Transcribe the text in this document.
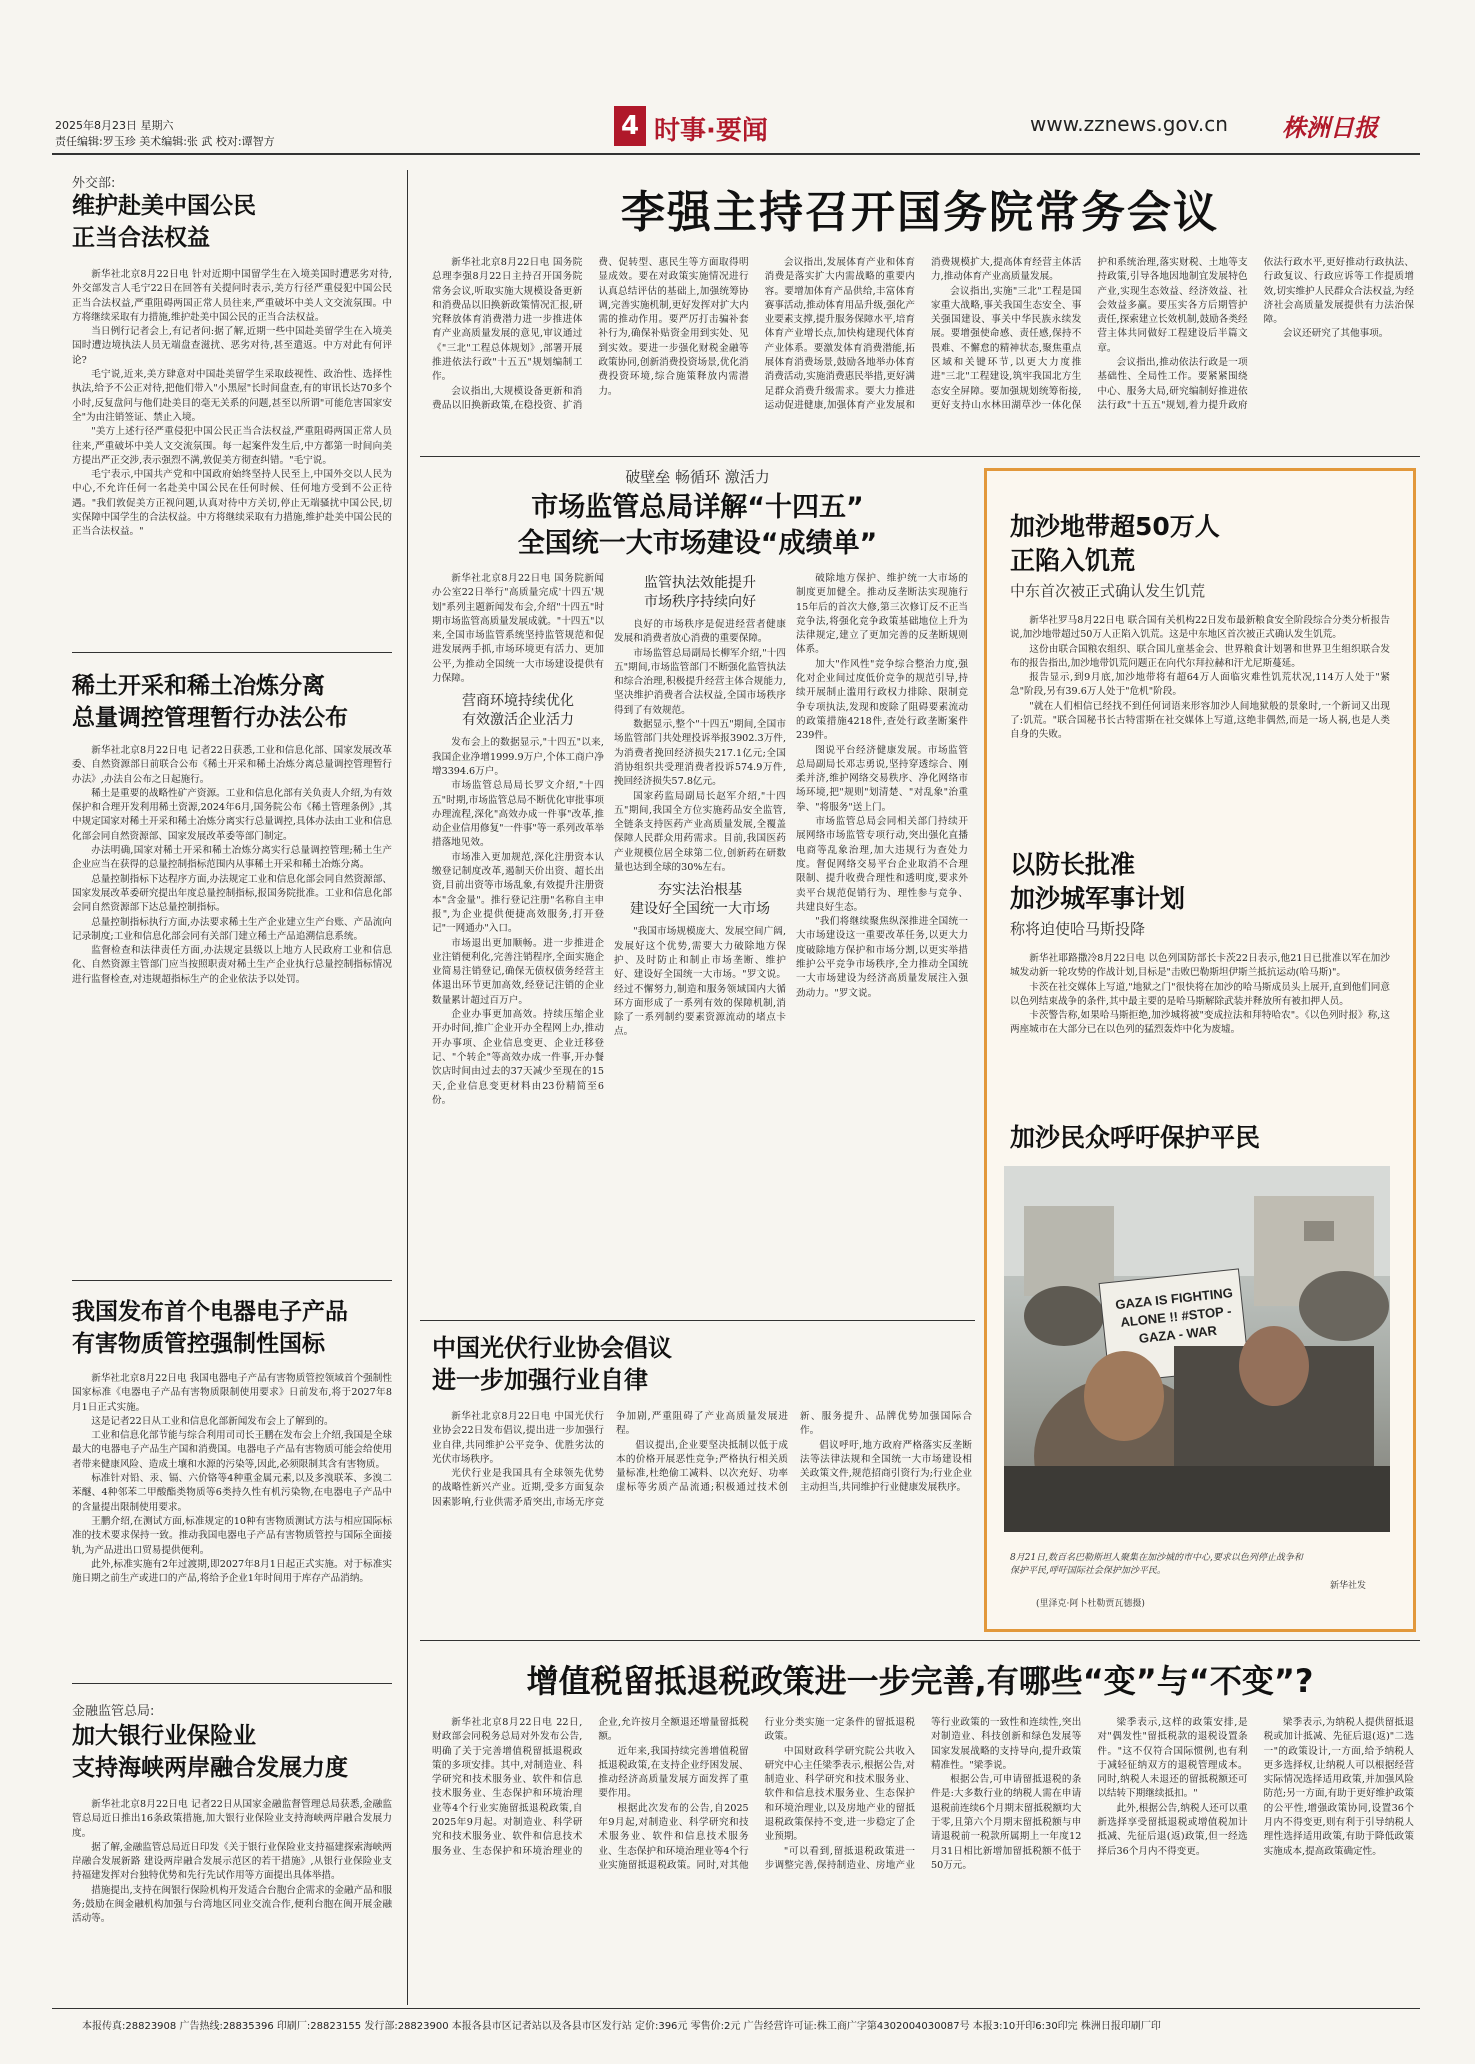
2025年8月23日 星期六
责任编辑:罗玉珍 美术编辑:张 武 校对:谭智方
4 时事·要闻	www.zznews.gov.cn 株洲日报
外交部:
维护赴美中国公民
正当合法权益

新华社北京8月22日电 针对近期中国留学生在入境美国时遭恶劣对待,外交部发言人毛宁22日在回答有关提问时表示,美方行径严重侵犯中国公民正当合法权益,严重阻碍两国正常人员往来,严重破坏中美人文交流氛围。中方将继续采取有力措施,维护赴美中国公民的正当合法权益。

当日例行记者会上,有记者问:据了解,近期一些中国赴美留学生在入境美国时遭边境执法人员无端盘查滋扰、恶劣对待,甚至遣返。中方对此有何评论?

毛宁说,近来,美方肆意对中国赴美留学生采取歧视性、政治性、选择性执法,给予不公正对待,把他们带入"小黑屋"长时间盘查,有的审讯长达70多个小时,反复盘问与他们赴美目的毫无关系的问题,甚至以所谓"可能危害国家安全"为由注销签证、禁止入境。

"美方上述行径严重侵犯中国公民正当合法权益,严重阻碍两国正常人员往来,严重破坏中美人文交流氛围。每一起案件发生后,中方都第一时间向美方提出严正交涉,表示强烈不满,敦促美方彻查纠错。"毛宁说。

毛宁表示,中国共产党和中国政府始终坚持人民至上,中国外交以人民为中心,不允许任何一名赴美中国公民在任何时候、任何地方受到不公正待遇。"我们敦促美方正视问题,认真对待中方关切,停止无端骚扰中国公民,切实保障中国学生的合法权益。中方将继续采取有力措施,维护赴美中国公民的正当合法权益。"

稀土开采和稀土冶炼分离
总量调控管理暂行办法公布

新华社北京8月22日电 记者22日获悉,工业和信息化部、国家发展改革委、自然资源部日前联合公布《稀土开采和稀土冶炼分离总量调控管理暂行办法》,办法自公布之日起施行。

稀土是重要的战略性矿产资源。工业和信息化部有关负责人介绍,为有效保护和合理开发利用稀土资源,2024年6月,国务院公布《稀土管理条例》,其中规定国家对稀土开采和稀土冶炼分离实行总量调控,具体办法由工业和信息化部会同自然资源部、国家发展改革委等部门制定。

办法明确,国家对稀土开采和稀土冶炼分离实行总量调控管理;稀土生产企业应当在获得的总量控制指标范围内从事稀土开采和稀土冶炼分离。

总量控制指标下达程序方面,办法规定工业和信息化部会同自然资源部、国家发展改革委研究提出年度总量控制指标,报国务院批准。工业和信息化部会同自然资源部下达总量控制指标。

总量控制指标执行方面,办法要求稀土生产企业建立生产台账、产品流向记录制度;工业和信息化部会同有关部门建立稀土产品追溯信息系统。

监督检查和法律责任方面,办法规定县级以上地方人民政府工业和信息化、自然资源主管部门应当按照职责对稀土生产企业执行总量控制指标情况进行监督检查,对违规超指标生产的企业依法予以处罚。

我国发布首个电器电子产品
有害物质管控强制性国标

新华社北京8月22日电 我国电器电子产品有害物质管控领域首个强制性国家标准《电器电子产品有害物质限制使用要求》日前发布,将于2027年8月1日正式实施。

这是记者22日从工业和信息化部新闻发布会上了解到的。

工业和信息化部节能与综合利用司司长王鹏在发布会上介绍,我国是全球最大的电器电子产品生产国和消费国。电器电子产品有害物质可能会给使用者带来健康风险、造成土壤和水源的污染等,因此,必须限制其含有害物质。

标准针对铅、汞、镉、六价铬等4种重金属元素,以及多溴联苯、多溴二苯醚、4种邻苯二甲酸酯类物质等6类持久性有机污染物,在电器电子产品中的含量提出限制使用要求。

王鹏介绍,在测试方面,标准规定的10种有害物质测试方法与相应国际标准的技术要求保持一致。推动我国电器电子产品有害物质管控与国际全面接轨,为产品进出口贸易提供便利。

此外,标准实施有2年过渡期,即2027年8月1日起正式实施。对于标准实施日期之前生产或进口的产品,将给予企业1年时间用于库存产品消纳。

金融监管总局:
加大银行业保险业
支持海峡两岸融合发展力度

新华社北京8月22日电 记者22日从国家金融监督管理总局获悉,金融监管总局近日推出16条政策措施,加大银行业保险业支持海峡两岸融合发展力度。

据了解,金融监管总局近日印发《关于银行业保险业支持福建探索海峡两岸融合发展新路 建设两岸融合发展示范区的若干措施》,从银行业保险业支持福建发挥对台独特优势和先行先试作用等方面提出具体举措。

措施提出,支持在闽银行保险机构开发适合台胞台企需求的金融产品和服务;鼓励在闽金融机构加强与台湾地区同业交流合作,便利台胞在闽开展金融活动等。

李强主持召开国务院常务会议

新华社北京8月22日电 国务院总理李强8月22日主持召开国务院常务会议,听取实施大规模设备更新和消费品以旧换新政策情况汇报,研究释放体育消费潜力进一步推进体育产业高质量发展的意见,审议通过《"三北"工程总体规划》,部署开展推进依法行政"十五五"规划编制工作。

会议指出,大规模设备更新和消费品以旧换新政策,在稳投资、扩消费、促转型、惠民生等方面取得明显成效。要在对政策实施情况进行认真总结评估的基础上,加强统筹协调,完善实施机制,更好发挥对扩大内需的推动作用。要严厉打击骗补套补行为,确保补贴资金用到实处、见到实效。要进一步强化财税金融等政策协同,创新消费投资场景,优化消费投资环境,综合施策释放内需潜力。

会议指出,发展体育产业和体育消费是落实扩大内需战略的重要内容。要增加体育产品供给,丰富体育赛事活动,推动体育用品升级,强化产业要素支撑,提升服务保障水平,培育体育产业增长点,加快构建现代体育产业体系。要激发体育消费潜能,拓展体育消费场景,鼓励各地举办体育消费活动,实施消费惠民举措,更好满足群众消费升级需求。要大力推进运动促进健康,加强体育产业发展和消费规模扩大,提高体育经营主体活力,推动体育产业高质量发展。

会议指出,实施"三北"工程是国家重大战略,事关我国生态安全、事关强国建设、事关中华民族永续发展。要增强使命感、责任感,保持不畏难、不懈怠的精神状态,聚焦重点区域和关键环节,以更大力度推进"三北"工程建设,筑牢我国北方生态安全屏障。要加强规划统筹衔接,更好支持山水林田湖草沙一体化保护和系统治理,落实财税、土地等支持政策,引导各地因地制宜发展特色产业,实现生态效益、经济效益、社会效益多赢。要压实各方后期管护责任,探索建立长效机制,鼓励各类经营主体共同做好工程建设后半篇文章。

会议指出,推动依法行政是一项基础性、全局性工作。要紧紧围绕中心、服务大局,研究编制好推进依法行政"十五五"规划,着力提升政府依法行政水平,更好推动行政执法、行政复议、行政应诉等工作提质增效,切实维护人民群众合法权益,为经济社会高质量发展提供有力法治保障。

会议还研究了其他事项。

破壁垒 畅循环 激活力
市场监管总局详解“十四五”
全国统一大市场建设“成绩单”

新华社北京8月22日电 国务院新闻办公室22日举行"高质量完成'十四五'规划"系列主题新闻发布会,介绍"十四五"时期市场监管高质量发展成就。"十四五"以来,全国市场监管系统坚持监管规范和促进发展两手抓,市场环境更有活力、更加公平,为推动全国统一大市场建设提供有力保障。

营商环境持续优化
有效激活企业活力

发布会上的数据显示,"十四五"以来,我国企业净增1999.9万户,个体工商户净增3394.6万户。

市场监管总局局长罗文介绍,"十四五"时期,市场监管总局不断优化审批事项办理流程,深化"高效办成一件事"改革,推动企业信用修复"一件事"等一系列改革举措落地见效。

市场准入更加规范,深化注册资本认缴登记制度改革,遏制天价出资、超长出资,目前出资等市场乱象,有效提升注册资本"含金量"。推行登记注册"名称自主申报",为企业提供便捷高效服务,打开登记"一网通办"入口。

市场退出更加顺畅。进一步推进企业注销便利化,完善注销程序,全面实施企业简易注销登记,确保无债权债务经营主体退出环节更加高效,经登记注销的企业数量累计超过百万户。

企业办事更加高效。持续压缩企业开办时间,推广企业开办全程网上办,推动开办事项、企业信息变更、企业迁移登记、"个转企"等高效办成一件事,开办餐饮店时间由过去的37天减少至现在的15天,企业信息变更材料由23份精简至6份。

监管执法效能提升
市场秩序持续向好

良好的市场秩序是促进经营者健康发展和消费者放心消费的重要保障。

市场监管总局副局长柳军介绍,"十四五"期间,市场监管部门不断强化监管执法和综合治理,积极提升经营主体合规能力,坚决维护消费者合法权益,全国市场秩序得到了有效规范。

数据显示,整个"十四五"期间,全国市场监管部门共处理投诉举报3902.3万件,为消费者挽回经济损失217.1亿元;全国消协组织共受理消费者投诉574.9万件,挽回经济损失57.8亿元。

国家药监局副局长赵军介绍,"十四五"期间,我国全方位实施药品安全监管,全链条支持医药产业高质量发展,全覆盖保障人民群众用药需求。目前,我国医药产业规模位居全球第二位,创新药在研数量也达到全球的30%左右。

夯实法治根基
建设好全国统一大市场

"我国市场规模庞大、发展空间广阔,发展好这个优势,需要大力破除地方保护、及时防止和制止市场垄断、维护好、建设好全国统一大市场。"罗文说。经过不懈努力,制造和服务领域国内大循环方面形成了一系列有效的保障机制,消除了一系列制约要素资源流动的堵点卡点。

破除地方保护、维护统一大市场的制度更加健全。推动反垄断法实现施行15年后的首次大修,第三次修订反不正当竞争法,将强化竞争政策基础地位上升为法律规定,建立了更加完善的反垄断规则体系。

加大"作风性"竞争综合整治力度,强化对企业间过度低价竞争的规范引导,持续开展制止滥用行政权力排除、限制竞争专项执法,发现和废除了阻碍要素流动的政策措施4218件,查处行政垄断案件239件。

图说平台经济健康发展。市场监管总局副局长邓志勇说,坚持穿透综合、刚柔并济,维护网络交易秩序、净化网络市场环境,把"规则"划清楚、"对乱象"治重拳、"将服务"送上门。

市场监管总局会同相关部门持续开展网络市场监管专项行动,突出强化直播电商等乱象治理,加大违规行为查处力度。督促网络交易平台企业取消不合理限制、提升收费合理性和透明度,要求外卖平台规范促销行为、理性参与竞争、共建良好生态。

"我们将继续聚焦纵深推进全国统一大市场建设这一重要改革任务,以更大力度破除地方保护和市场分割,以更实举措维护公平竞争市场秩序,全力推动全国统一大市场建设为经济高质量发展注入强劲动力。"罗文说。

中国光伏行业协会倡议
进一步加强行业自律

新华社北京8月22日电 中国光伏行业协会22日发布倡议,提出进一步加强行业自律,共同维护公平竞争、优胜劣汰的光伏市场秩序。

光伏行业是我国具有全球领先优势的战略性新兴产业。近期,受多方面复杂因素影响,行业供需矛盾突出,市场无序竞争加剧,严重阻碍了产业高质量发展进程。

倡议提出,企业要坚决抵制以低于成本的价格开展恶性竞争;严格执行相关质量标准,杜绝偷工减料、以次充好、功率虚标等劣质产品流通;积极通过技术创新、服务提升、品牌优势加强国际合作。

倡议呼吁,地方政府严格落实反垄断法等法律法规和全国统一大市场建设相关政策文件,规范招商引资行为;行业企业主动担当,共同维护行业健康发展秩序。

加沙地带超50万人
正陷入饥荒
中东首次被正式确认发生饥荒

新华社罗马8月22日电 联合国有关机构22日发布最新粮食安全阶段综合分类分析报告说,加沙地带超过50万人正陷入饥荒。这是中东地区首次被正式确认发生饥荒。

这份由联合国粮农组织、联合国儿童基金会、世界粮食计划署和世界卫生组织联合发布的报告指出,加沙地带饥荒问题正在向代尔拜拉赫和汗尤尼斯蔓延。

报告显示,到9月底,加沙地带将有超64万人面临灾难性饥荒状况,114万人处于"紧急"阶段,另有39.6万人处于"危机"阶段。

"就在人们相信已经找不到任何词语来形容加沙人间地狱般的景象时,一个新词又出现了:饥荒。"联合国秘书长古特雷斯在社交媒体上写道,这绝非偶然,而是一场人祸,也是人类自身的失败。

以防长批准
加沙城军事计划
称将迫使哈马斯投降

新华社耶路撒冷8月22日电 以色列国防部长卡茨22日表示,他21日已批准以军在加沙城发动新一轮攻势的作战计划,目标是"击败巴勒斯坦伊斯兰抵抗运动(哈马斯)"。

卡茨在社交媒体上写道,"地狱之门"很快将在加沙的哈马斯成员头上展开,直到他们同意以色列结束战争的条件,其中最主要的是哈马斯解除武装并释放所有被扣押人员。

卡茨警告称,如果哈马斯拒绝,加沙城将被"变成拉法和拜特哈农"。《以色列时报》称,这两座城市在大部分已在以色列的猛烈轰炸中化为废墟。

加沙民众呼吁保护平民
GAZA IS FIGHTING ALONE !! #STOP - GAZA - WAR
8月21日,数百名巴勒斯坦人聚集在加沙城的市中心,要求以色列停止战争和保护平民,呼吁国际社会保护加沙平民。
新华社发
(里泽克·阿卜杜勒贾瓦德摄)
增值税留抵退税政策进一步完善,有哪些“变”与“不变”?

新华社北京8月22日电 22日,财政部会同税务总局对外发布公告,明确了关于完善增值税留抵退税政策的多项安排。其中,对制造业、科学研究和技术服务业、软件和信息技术服务业、生态保护和环境治理业等4个行业实施留抵退税政策,自2025年9月起。对制造业、科学研究和技术服务业、软件和信息技术服务业、生态保护和环境治理业的企业,允许按月全额退还增量留抵税额。

近年来,我国持续完善增值税留抵退税政策,在支持企业纾困发展、推动经济高质量发展方面发挥了重要作用。

根据此次发布的公告,自2025年9月起,对制造业、科学研究和技术服务业、软件和信息技术服务业、生态保护和环境治理业等4个行业实施留抵退税政策。同时,对其他行业分类实施一定条件的留抵退税政策。

中国财政科学研究院公共收入研究中心主任梁季表示,根据公告,对制造业、科学研究和技术服务业、软件和信息技术服务业、生态保护和环境治理业,以及房地产业的留抵退税政策保持不变,进一步稳定了企业预期。

"可以看到,留抵退税政策进一步调整完善,保持制造业、房地产业等行业政策的一致性和连续性,突出对制造业、科技创新和绿色发展等国家发展战略的支持导向,提升政策精准性。"梁季说。

根据公告,可申请留抵退税的条件是:大多数行业的纳税人需在申请退税前连续6个月期末留抵税额均大于零,且第六个月期末留抵税额与申请退税前一税款所属期上一年度12月31日相比新增加留抵税额不低于50万元。

梁季表示,这样的政策安排,是对"偶发性"留抵税款的退税设置条件。"这不仅符合国际惯例,也有利于减轻征纳双方的退税管理成本。同时,纳税人未退还的留抵税额还可以结转下期继续抵扣。"

此外,根据公告,纳税人还可以重新选择享受留抵退税或增值税加计抵减、先征后退(返)政策,但一经选择后36个月内不得变更。

梁季表示,为纳税人提供留抵退税或加计抵减、先征后退(返)"二选一"的政策设计,一方面,给予纳税人更多选择权,让纳税人可以根据经营实际情况选择适用政策,并加强风险防范;另一方面,有助于更好维护政策的公平性,增强政策协同,设置36个月内不得变更,则有利于引导纳税人理性选择适用政策,有助于降低政策实施成本,提高政策确定性。

本报传真:28823908 广告热线:28835396 印刷厂:28823155 发行部:28823900 本报各县市区记者站以及各县市区发行站 定价:396元 零售价:2元 广告经营许可证:株工商广字第4302004030087号 本报3:10开印6:30印完 株洲日报印刷厂印
